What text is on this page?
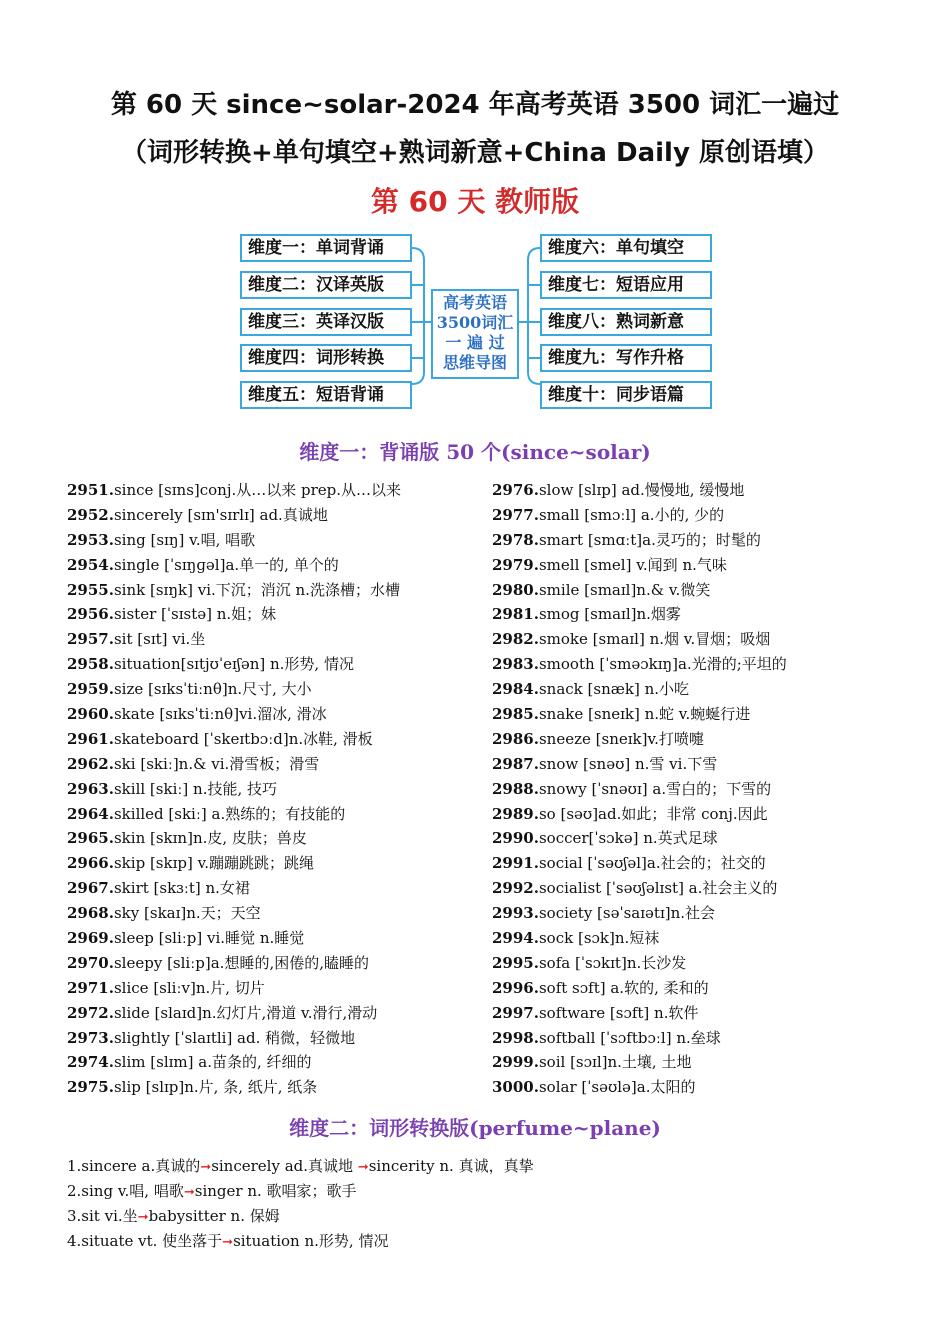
第 60 天 since~solar-2024 年高考英语 3500 词汇一遍过
（词形转换+单句填空+熟词新意+China Daily 原创语填）
第 60 天 教师版
维度一：单词背诵
维度二：汉译英版
维度三：英译汉版
维度四：词形转换
维度五：短语背诵
高考英语
3500词汇
一 遍 过
思维导图
维度六：单句填空
维度七：短语应用
维度八：熟词新意
维度九：写作升格
维度十：同步语篇
维度一：背诵版 50 个(since~solar)
2951.since [sɪns]conj.从…以来 prep.从…以来
2952.sincerely [sɪn'sɪrlɪ] ad.真诚地
2953.sing [sɪŋ] v.唱, 唱歌
2954.single [ˈsɪŋɡəl]a.单一的, 单个的
2955.sink [sɪŋk] vi.下沉；消沉 n.洗涤槽；水槽
2956.sister [ˈsɪstə] n.姐；妹
2957.sit [sɪt] vi.坐
2958.situation[sɪtjʊˈeɪʃən] n.形势, 情况
2959.size [sɪksˈtiːnθ]n.尺寸, 大小
2960.skate [sɪksˈtiːnθ]vi.溜冰, 滑冰
2961.skateboard [ˈskeɪtbɔːd]n.冰鞋, 滑板
2962.ski [skiː]n.& vi.滑雪板；滑雪
2963.skill [skiː] n.技能, 技巧
2964.skilled [skiː] a.熟练的；有技能的
2965.skin [skɪn]n.皮, 皮肤；兽皮
2966.skip [skɪp] v.蹦蹦跳跳；跳绳
2967.skirt [skɜːt] n.女裙
2968.sky [skaɪ]n.天；天空
2969.sleep [sliːp] vi.睡觉 n.睡觉
2970.sleepy [sliːp]a.想睡的,困倦的,瞌睡的
2971.slice [sliːv]n.片, 切片
2972.slide [slaɪd]n.幻灯片,滑道 v.滑行,滑动
2973.slightly [ˈslaɪtli] ad. 稍微，轻微地
2974.slim [slɪm] a.苗条的, 纤细的
2975.slip [slɪp]n.片, 条, 纸片, 纸条
2976.slow [slɪp] ad.慢慢地, 缓慢地
2977.small [smɔːl] a.小的, 少的
2978.smart [smɑːt]a.灵巧的；时髦的
2979.smell [smel] v.闻到 n.气味
2980.smile [smaɪl]n.& v.微笑
2981.smog [smaɪl]n.烟雾
2982.smoke [smaɪl] n.烟 v.冒烟；吸烟
2983.smooth [ˈsməɔkɪŋ]a.光滑的;平坦的
2984.snack [snæk] n.小吃
2985.snake [sneɪk] n.蛇 v.蜿蜒行进
2986.sneeze [sneɪk]v.打喷嚏
2987.snow [snəʊ] n.雪 vi.下雪
2988.snowy [ˈsnəʊɪ] a.雪白的；下雪的
2989.so [səʊ]ad.如此；非常 conj.因此
2990.soccer[ˈsɔkə] n.英式足球
2991.social [ˈsəʊʃəl]a.社会的；社交的
2992.socialist [ˈsəʊʃəlɪst] a.社会主义的
2993.society [səˈsaɪətɪ]n.社会
2994.sock [sɔk]n.短袜
2995.sofa [ˈsɔkɪt]n.长沙发
2996.soft sɔft] a.软的, 柔和的
2997.software [sɔft] n.软件
2998.softball [ˈsɔftbɔːl] n.垒球
2999.soil [sɔɪl]n.土壤, 土地
3000.solar [ˈsəʊlə]a.太阳的
维度二：词形转换版(perfume~plane)
1.sincere a.真诚的➞sincerely ad.真诚地 ➞sincerity n. 真诚，真挚
2.sing v.唱, 唱歌➞singer n. 歌唱家；歌手
3.sit vi.坐➞babysitter n. 保姆
4.situate vt. 使坐落于➞situation n.形势, 情况
